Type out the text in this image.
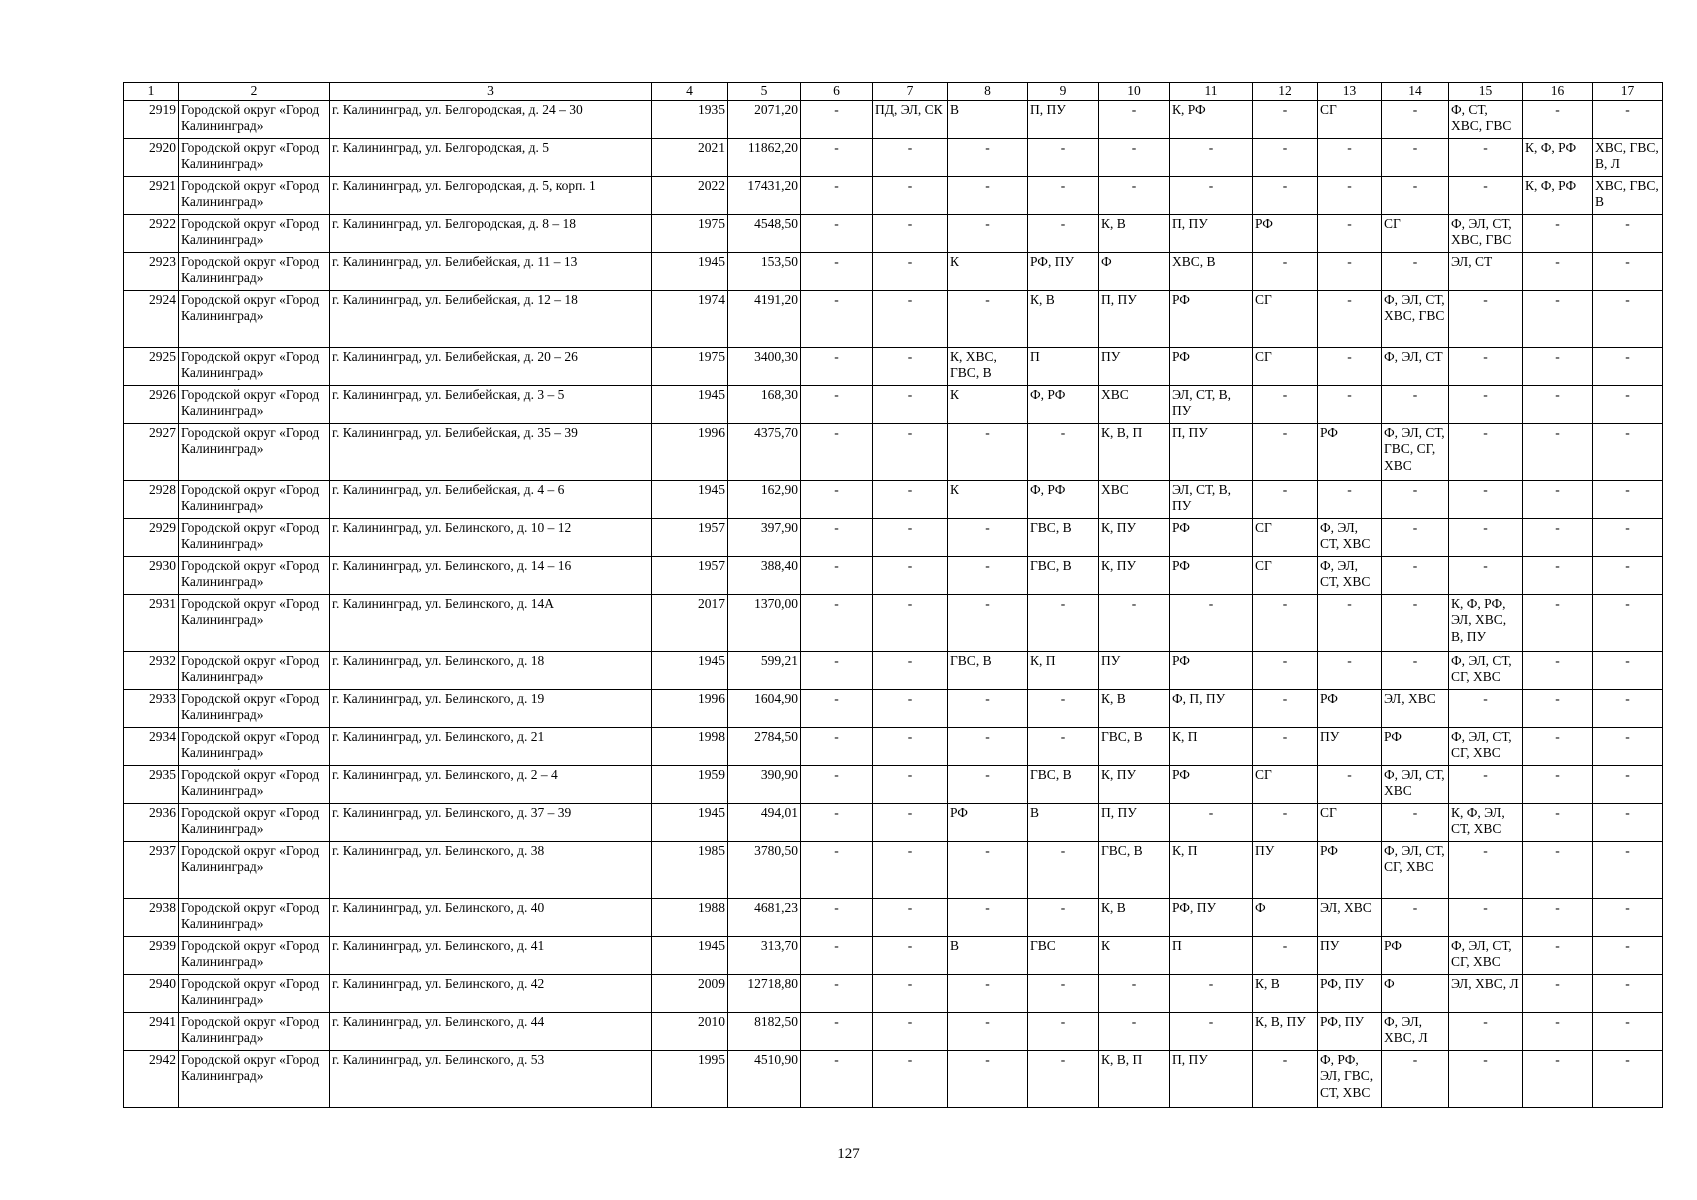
1	2	3	4	5	6	7	8	9	10	11	12	13	14	15	16	17
2919	Городской округ «Город Калининград»	г. Калининград, ул. Белгородская, д. 24 – 30	1935	2071,20	-	ПД, ЭЛ, СК	В	П, ПУ	-	К, РФ	-	СГ	-	Ф, СТ, ХВС, ГВС	-	-
2920	Городской округ «Город Калининград»	г. Калининград, ул. Белгородская, д. 5	2021	11862,20	-	-	-	-	-	-	-	-	-	-	К, Ф, РФ	ХВС, ГВС, В, Л
2921	Городской округ «Город Калининград»	г. Калининград, ул. Белгородская, д. 5, корп. 1	2022	17431,20	-	-	-	-	-	-	-	-	-	-	К, Ф, РФ	ХВС, ГВС, В
2922	Городской округ «Город Калининград»	г. Калининград, ул. Белгородская, д. 8 – 18	1975	4548,50	-	-	-	-	К, В	П, ПУ	РФ	-	СГ	Ф, ЭЛ, СТ, ХВС, ГВС	-	-
2923	Городской округ «Город Калининград»	г. Калининград, ул. Белибейская, д. 11 – 13	1945	153,50	-	-	К	РФ, ПУ	Ф	ХВС, В	-	-	-	ЭЛ, СТ	-	-
2924	Городской округ «Город Калининград»	г. Калининград, ул. Белибейская, д. 12 – 18	1974	4191,20	-	-	-	К, В	П, ПУ	РФ	СГ	-	Ф, ЭЛ, СТ, ХВС, ГВС	-	-	-
2925	Городской округ «Город Калининград»	г. Калининград, ул. Белибейская, д. 20 – 26	1975	3400,30	-	-	К, ХВС, ГВС, В	П	ПУ	РФ	СГ	-	Ф, ЭЛ, СТ	-	-	-
2926	Городской округ «Город Калининград»	г. Калининград, ул. Белибейская, д. 3 – 5	1945	168,30	-	-	К	Ф, РФ	ХВС	ЭЛ, СТ, В, ПУ	-	-	-	-	-	-
2927	Городской округ «Город Калининград»	г. Калининград, ул. Белибейская, д. 35 – 39	1996	4375,70	-	-	-	-	К, В, П	П, ПУ	-	РФ	Ф, ЭЛ, СТ, ГВС, СГ, ХВС	-	-	-
2928	Городской округ «Город Калининград»	г. Калининград, ул. Белибейская, д. 4 – 6	1945	162,90	-	-	К	Ф, РФ	ХВС	ЭЛ, СТ, В, ПУ	-	-	-	-	-	-
2929	Городской округ «Город Калининград»	г. Калининград, ул. Белинского, д. 10 – 12	1957	397,90	-	-	-	ГВС, В	К, ПУ	РФ	СГ	Ф, ЭЛ, СТ, ХВС	-	-	-	-
2930	Городской округ «Город Калининград»	г. Калининград, ул. Белинского, д. 14 – 16	1957	388,40	-	-	-	ГВС, В	К, ПУ	РФ	СГ	Ф, ЭЛ, СТ, ХВС	-	-	-	-
2931	Городской округ «Город Калининград»	г. Калининград, ул. Белинского, д. 14А	2017	1370,00	-	-	-	-	-	-	-	-	-	К, Ф, РФ, ЭЛ, ХВС, В, ПУ	-	-
2932	Городской округ «Город Калининград»	г. Калининград, ул. Белинского, д. 18	1945	599,21	-	-	ГВС, В	К, П	ПУ	РФ	-	-	-	Ф, ЭЛ, СТ, СГ, ХВС	-	-
2933	Городской округ «Город Калининград»	г. Калининград, ул. Белинского, д. 19	1996	1604,90	-	-	-	-	К, В	Ф, П, ПУ	-	РФ	ЭЛ, ХВС	-	-	-
2934	Городской округ «Город Калининград»	г. Калининград, ул. Белинского, д. 21	1998	2784,50	-	-	-	-	ГВС, В	К, П	-	ПУ	РФ	Ф, ЭЛ, СТ, СГ, ХВС	-	-
2935	Городской округ «Город Калининград»	г. Калининград, ул. Белинского, д. 2 – 4	1959	390,90	-	-	-	ГВС, В	К, ПУ	РФ	СГ	-	Ф, ЭЛ, СТ, ХВС	-	-	-
2936	Городской округ «Город Калининград»	г. Калининград, ул. Белинского, д. 37 – 39	1945	494,01	-	-	РФ	В	П, ПУ	-	-	СГ	-	К, Ф, ЭЛ, СТ, ХВС	-	-
2937	Городской округ «Город Калининград»	г. Калининград, ул. Белинского, д. 38	1985	3780,50	-	-	-	-	ГВС, В	К, П	ПУ	РФ	Ф, ЭЛ, СТ, СГ, ХВС	-	-	-
2938	Городской округ «Город Калининград»	г. Калининград, ул. Белинского, д. 40	1988	4681,23	-	-	-	-	К, В	РФ, ПУ	Ф	ЭЛ, ХВС	-	-	-	-
2939	Городской округ «Город Калининград»	г. Калининград, ул. Белинского, д. 41	1945	313,70	-	-	В	ГВС	К	П	-	ПУ	РФ	Ф, ЭЛ, СТ, СГ, ХВС	-	-
2940	Городской округ «Город Калининград»	г. Калининград, ул. Белинского, д. 42	2009	12718,80	-	-	-	-	-	-	К, В	РФ, ПУ	Ф	ЭЛ, ХВС, Л	-	-
2941	Городской округ «Город Калининград»	г. Калининград, ул. Белинского, д. 44	2010	8182,50	-	-	-	-	-	-	К, В, ПУ	РФ, ПУ	Ф, ЭЛ, ХВС, Л	-	-	-
2942	Городской округ «Город Калининград»	г. Калининград, ул. Белинского, д. 53	1995	4510,90	-	-	-	-	К, В, П	П, ПУ	-	Ф, РФ, ЭЛ, ГВС, СТ, ХВС	-	-	-	-
127
